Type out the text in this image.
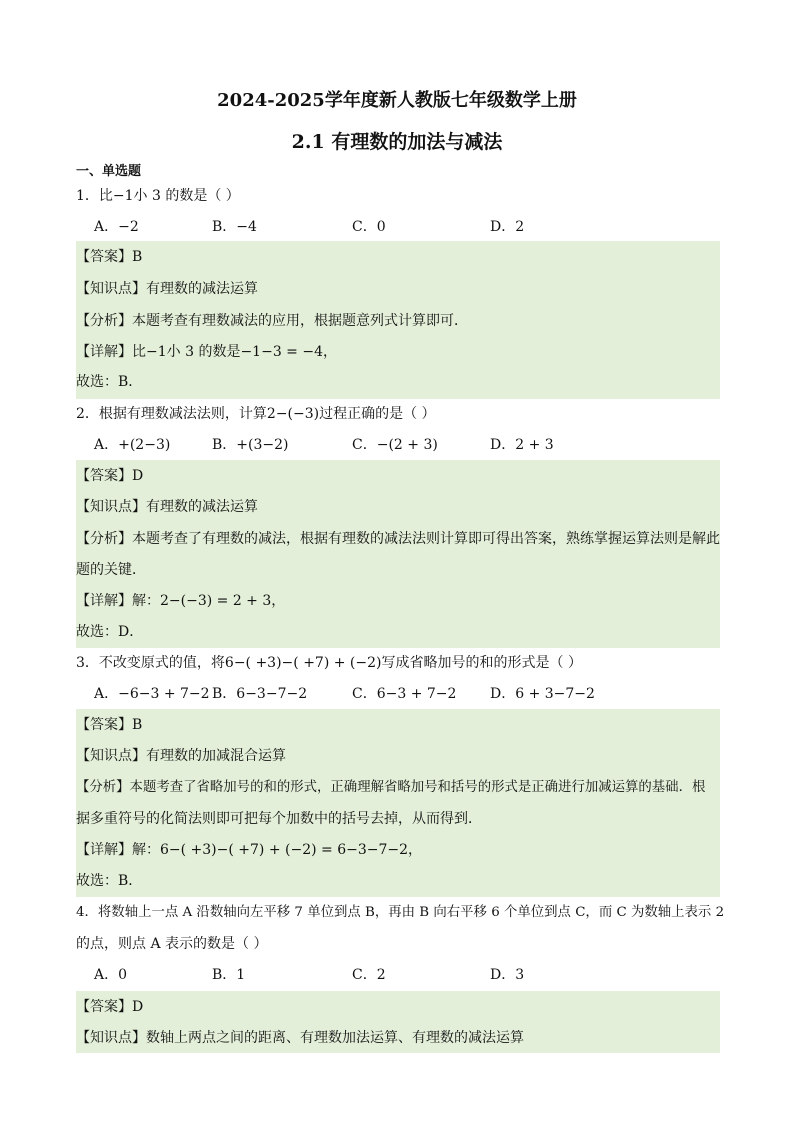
2024-2025学年度新人教版七年级数学上册
2.1 有理数的加法与减法
一、单选题
1．比−1小 3 的数是（ ）
A．−2	B．−4	C．0	D．2
【答案】B
【知识点】有理数的减法运算
【分析】本题考查有理数减法的应用，根据题意列式计算即可．
【详解】比−1小 3 的数是−1−3 = −4，
故选：B．
2．根据有理数减法法则，计算2−(−3)过程正确的是（ ）
A．+(2−3)	B．+(3−2)	C．−(2 + 3)	D．2 + 3
【答案】D
【知识点】有理数的减法运算
【分析】本题考查了有理数的减法，根据有理数的减法法则计算即可得出答案，熟练掌握运算法则是解此
题的关键．
【详解】解：2−(−3) = 2 + 3，
故选：D．
3．不改变原式的值，将6−( +3)−( +7) + (−2)写成省略加号的和的形式是（ ）
A．−6−3 + 7−2 B．6−3−7−2	C．6−3 + 7−2 D．6 + 3−7−2
【答案】B
【知识点】有理数的加减混合运算
【分析】本题考查了省略加号的和的形式，正确理解省略加号和括号的形式是正确进行加减运算的基础．根
据多重符号的化简法则即可把每个加数中的括号去掉，从而得到．
【详解】解：6−( +3)−( +7) + (−2) = 6−3−7−2，
故选：B．
4．将数轴上一点 A 沿数轴向左平移 7 单位到点 B，再由 B 向右平移 6 个单位到点 C，而 C 为数轴上表示 2
的点，则点 A 表示的数是（ ）
A．0	B．1	C．2	D．3
【答案】D
【知识点】数轴上两点之间的距离、有理数加法运算、有理数的减法运算
